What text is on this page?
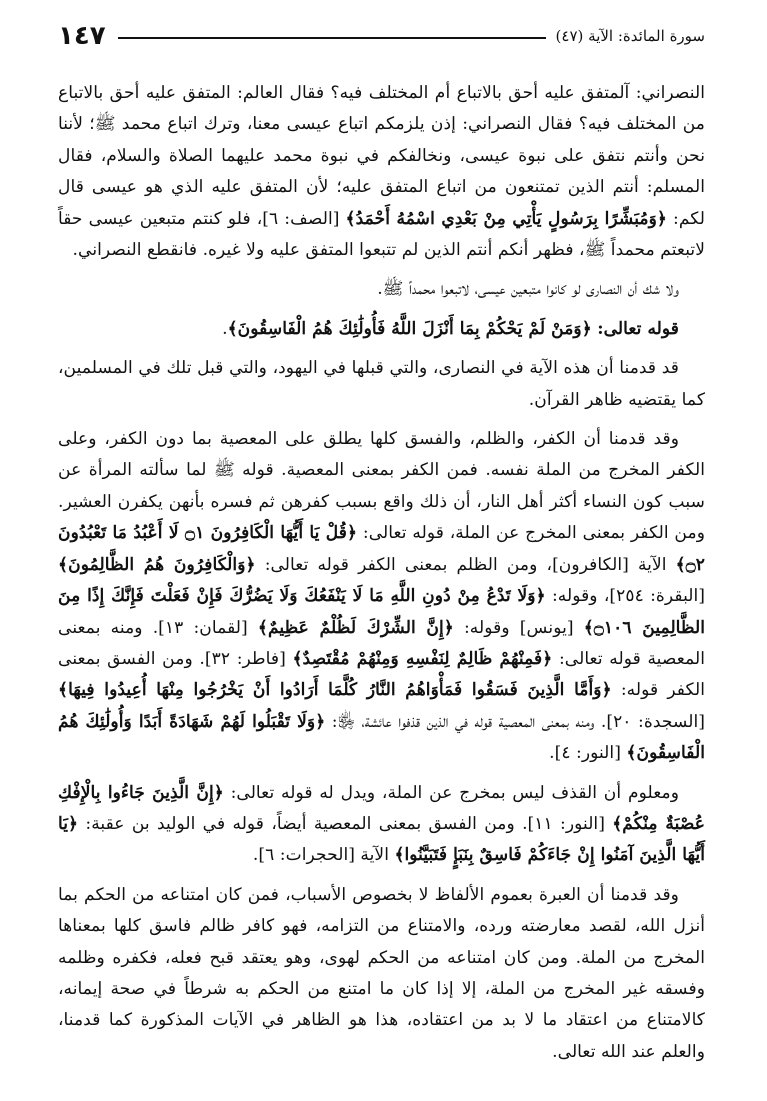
سورة المائدة: الآية (٤٧)
١٤٧

النصراني: آلمتفق عليه أحق بالاتباع أم المختلف فيه؟ فقال العالم: المتفق عليه أحق بالاتباع من المختلف فيه؟ فقال النصراني: إذن يلزمكم اتباع عيسى معنا، وترك اتباع محمد ﷺ؛ لأننا نحن وأنتم نتفق على نبوة عيسى، ونخالفكم في نبوة محمد عليهما الصلاة والسلام، فقال المسلم: أنتم الذين تمتنعون من اتباع المتفق عليه؛ لأن المتفق عليه الذي هو عيسى قال لكم: ﴿وَمُبَشِّرًا بِرَسُولٍ يَأْتِي مِنْ بَعْدِي اسْمُهُ أَحْمَدُ﴾ [الصف: ٦]، فلو كنتم متبعين عيسى حقاً لاتبعتم محمداً ﷺ، فظهر أنكم أنتم الذين لم تتبعوا المتفق عليه ولا غيره. فانقطع النصراني.

ولا شك أن النصارى لو كانوا متبعين عيسى، لاتبعوا محمداً ﷺ.

قوله تعالى: ﴿وَمَنْ لَمْ يَحْكُمْ بِمَا أَنْزَلَ اللَّهُ فَأُولَٰئِكَ هُمُ الْفَاسِقُونَ﴾.

قد قدمنا أن هذه الآية في النصارى، والتي قبلها في اليهود، والتي قبل تلك في المسلمين، كما يقتضيه ظاهر القرآن.

وقد قدمنا أن الكفر، والظلم، والفسق كلها يطلق على المعصية بما دون الكفر، وعلى الكفر المخرج من الملة نفسه. فمن الكفر بمعنى المعصية. قوله ﷺ لما سألته المرأة عن سبب كون النساء أكثر أهل النار، أن ذلك واقع بسبب كفرهن ثم فسره بأنهن يكفرن العشير. ومن الكفر بمعنى المخرج عن الملة، قوله تعالى: ﴿قُلْ يَا أَيُّهَا الْكَافِرُونَ ۝١ لَا أَعْبُدُ مَا تَعْبُدُونَ ۝٢﴾ الآية [الكافرون]، ومن الظلم بمعنى الكفر قوله تعالى: ﴿وَالْكَافِرُونَ هُمُ الظَّالِمُونَ﴾ [البقرة: ٢٥٤]، وقوله: ﴿وَلَا تَدْعُ مِنْ دُونِ اللَّهِ مَا لَا يَنْفَعُكَ وَلَا يَضُرُّكَ فَإِنْ فَعَلْتَ فَإِنَّكَ إِذًا مِنَ الظَّالِمِينَ ۝١٠٦﴾ [يونس] وقوله: ﴿إِنَّ الشِّرْكَ لَظُلْمٌ عَظِيمٌ﴾ [لقمان: ١٣]. ومنه بمعنى المعصية قوله تعالى: ﴿فَمِنْهُمْ ظَالِمٌ لِنَفْسِهِ وَمِنْهُمْ مُقْتَصِدٌ﴾ [فاطر: ٣٢]. ومن الفسق بمعنى الكفر قوله: ﴿وَأَمَّا الَّذِينَ فَسَقُوا فَمَأْوَاهُمُ النَّارُ كُلَّمَا أَرَادُوا أَنْ يَخْرُجُوا مِنْهَا أُعِيدُوا فِيهَا﴾ [السجدة: ٢٠]. ومنه بمعنى المعصية قوله في الذين قذفوا عائشة، ﵂: ﴿وَلَا تَقْبَلُوا لَهُمْ شَهَادَةً أَبَدًا وَأُولَٰئِكَ هُمُ الْفَاسِقُونَ﴾ [النور: ٤].

ومعلوم أن القذف ليس بمخرج عن الملة، ويدل له قوله تعالى: ﴿إِنَّ الَّذِينَ جَاءُوا بِالْإِفْكِ عُصْبَةٌ مِنْكُمْ﴾ [النور: ١١]. ومن الفسق بمعنى المعصية أيضاً، قوله في الوليد بن عقبة: ﴿يَا أَيُّهَا الَّذِينَ آمَنُوا إِنْ جَاءَكُمْ فَاسِقٌ بِنَبَإٍ فَتَبَيَّنُوا﴾ الآية [الحجرات: ٦].

وقد قدمنا أن العبرة بعموم الألفاظ لا بخصوص الأسباب، فمن كان امتناعه من الحكم بما أنزل الله، لقصد معارضته ورده، والامتناع من التزامه، فهو كافر ظالم فاسق كلها بمعناها المخرج من الملة. ومن كان امتناعه من الحكم لهوى، وهو يعتقد قبح فعله، فكفره وظلمه وفسقه غير المخرج من الملة، إلا إذا كان ما امتنع من الحكم به شرطاً في صحة إيمانه، كالامتناع من اعتقاد ما لا بد من اعتقاده، هذا هو الظاهر في الآيات المذكورة كما قدمنا، والعلم عند الله تعالى.
